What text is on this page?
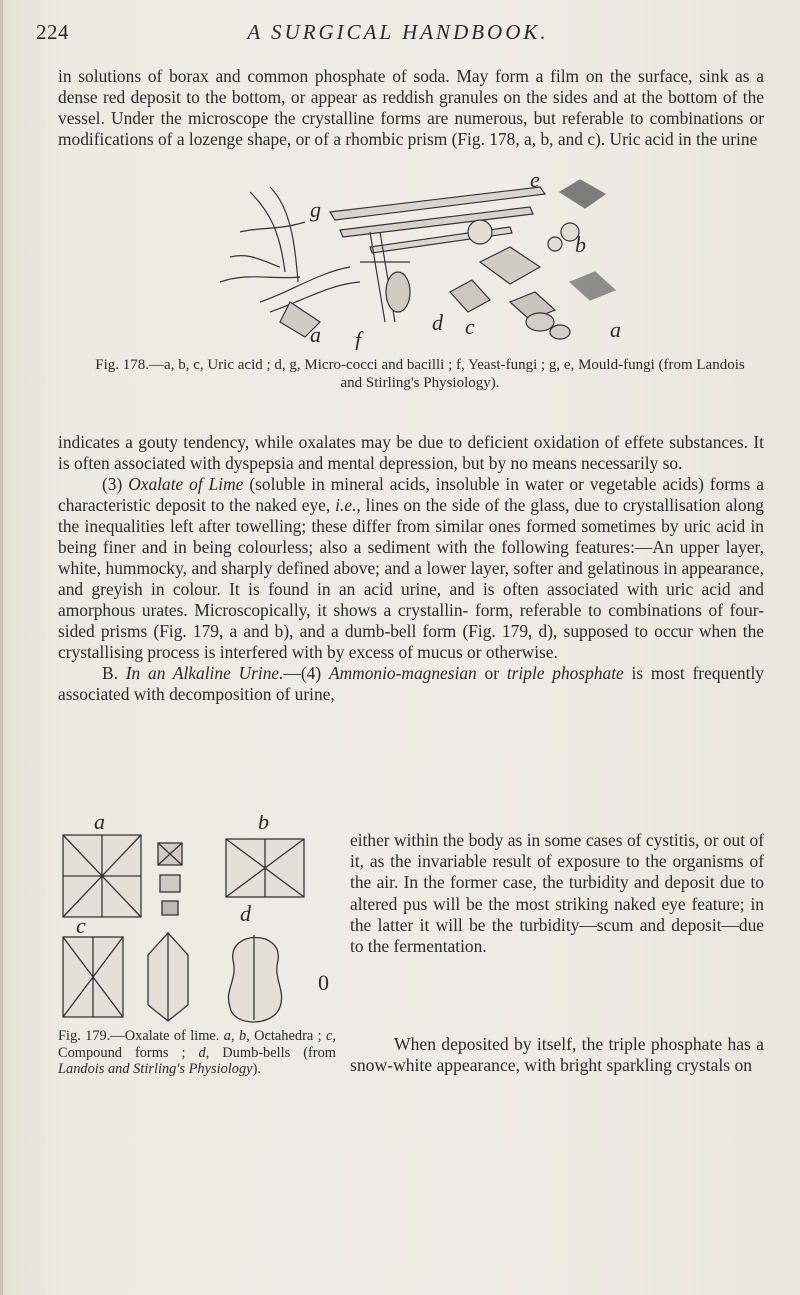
224	A SURGICAL HANDBOOK.
in solutions of borax and common phosphate of soda. May form a film on the surface, sink as a dense red deposit to the bottom, or appear as reddish granules on the sides and at the bottom of the vessel. Under the microscope the crystalline forms are numerous, but referable to combinations or modifications of a lozenge shape, or of a rhombic prism (Fig. 178, a, b, and c). Uric acid in the urine
g
e
b
d c
a f	a
Fig. 178.—a, b, c, Uric acid ; d, g, Micro-cocci and bacilli ; f, Yeast-fungi ; g, e, Mould-fungi (from Landois and Stirling's Physiology).
indicates a gouty tendency, while oxalates may be due to deficient oxidation of effete substances. It is often associated with dyspepsia and mental depression, but by no means necessarily so.
(3) Oxalate of Lime (soluble in mineral acids, insoluble in water or vegetable acids) forms a characteristic deposit to the naked eye, i.e., lines on the side of the glass, due to crystallisation along the inequalities left after towelling; these differ from similar ones formed sometimes by uric acid in being finer and in being colourless; also a sediment with the following features:—An upper layer, white, hummocky, and sharply defined above; and a lower layer, softer and gelatinous in appearance, and greyish in colour. It is found in an acid urine, and is often associated with uric acid and amorphous urates. Microscopically, it shows a crystallin- form, referable to combinations of four-sided prisms (Fig. 179, a and b), and a dumb-bell form (Fig. 179, d), supposed to occur when the crystallising process is interfered with by excess of mucus or otherwise.
B. In an Alkaline Urine.—(4) Ammonio-magnesian or triple phosphate is most frequently associated with decomposition of urine,
a	b
c	d
0
Fig. 179.—Oxalate of lime. a, b, Octahedra ; c, Compound forms ; d, Dumb-bells (from Landois and Stirling's Physiology).
either within the body as in some cases of cystitis, or out of it, as the invariable result of exposure to the organisms of the air. In the former case, the turbidity and deposit due to altered pus will be the most striking naked eye feature; in the latter it will be the turbidity—scum and deposit—due to the fermentation.
When deposited by itself, the triple phosphate has a snow-white appearance, with bright sparkling crystals on
